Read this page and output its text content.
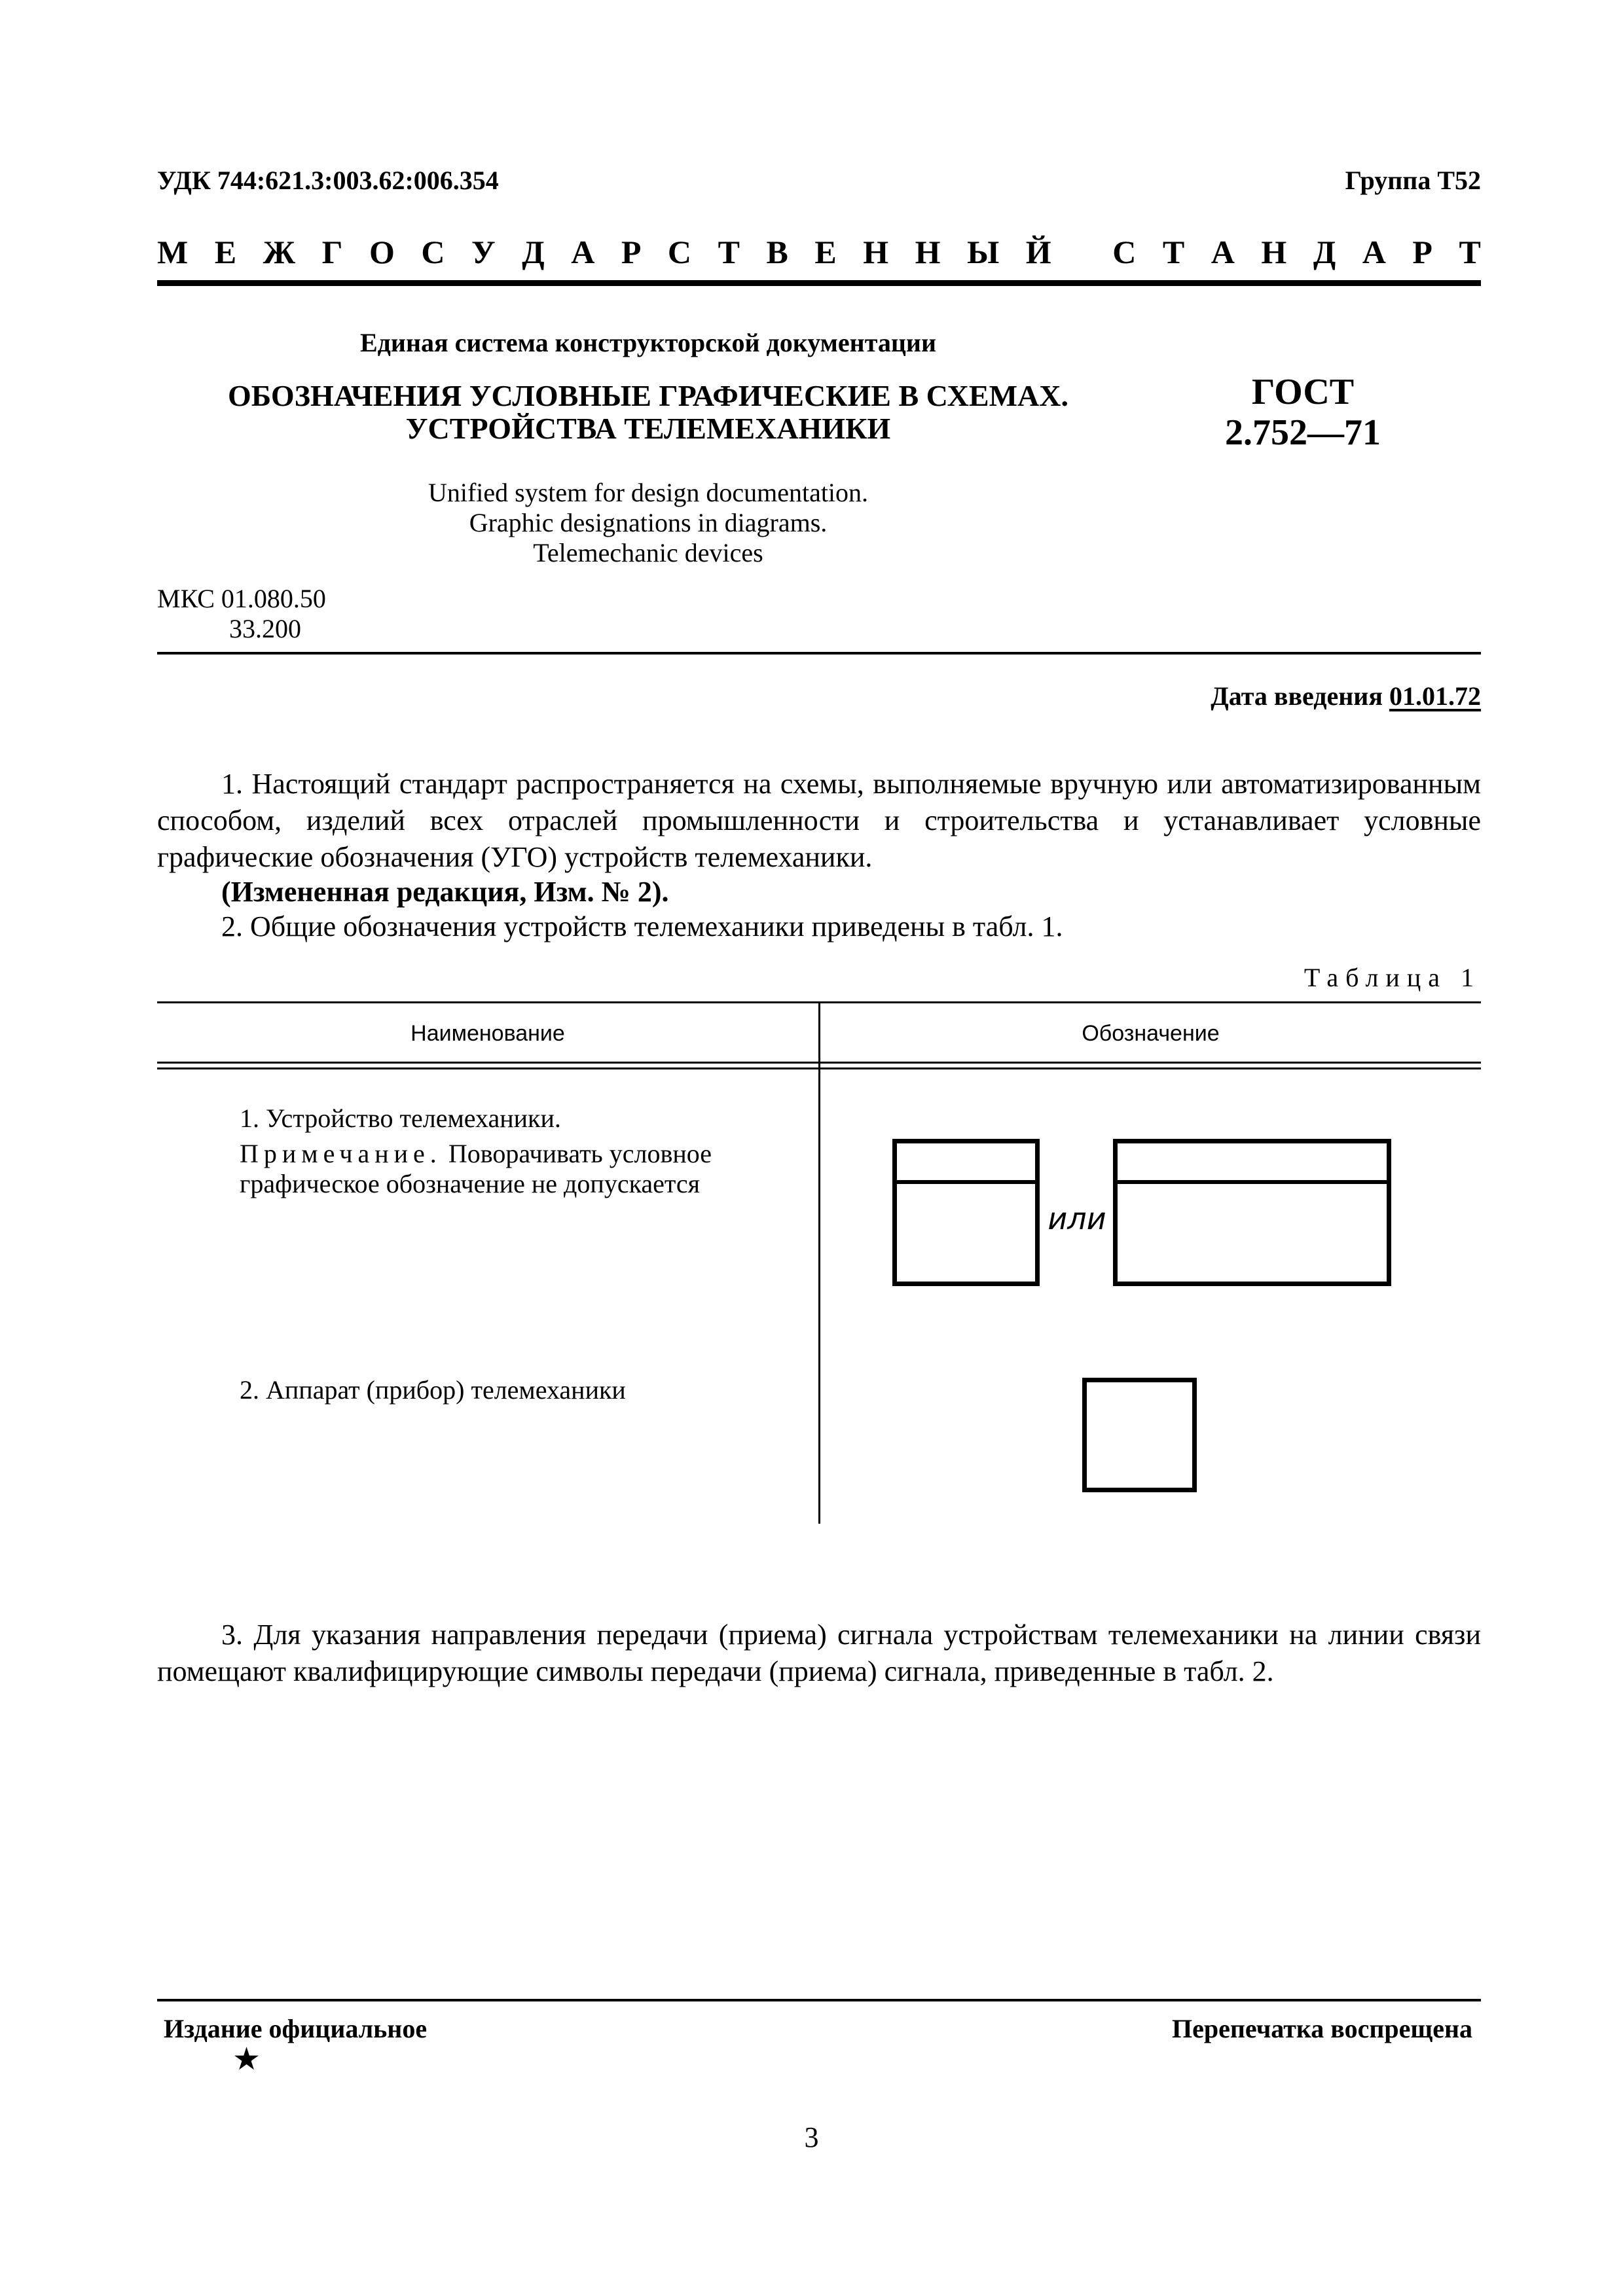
УДК 744:621.3:003.62:006.354	Группа Т52
М Е Ж Г О С У Д А Р С Т В Е Н Н Ы Й
С Т А Н Д А Р Т
Единая система конструкторской документации
ОБОЗНАЧЕНИЯ УСЛОВНЫЕ ГРАФИЧЕСКИЕ В СХЕМАХ.
УСТРОЙСТВА ТЕЛЕМЕХАНИКИ
ГОСТ
2.752—71
Unified system for design documentation.
Graphic designations in diagrams.
Telemechanic devices
МКС 01.080.50
33.200
Дата введения 01.01.72
1. Настоящий стандарт распространяется на схемы, выполняемые вручную или автоматизированным способом, изделий всех отраслей промышленности и строительства и устанавливает условные графические обозначения (УГО) устройств телемеханики.
(Измененная редакция, Изм. № 2).
2. Общие обозначения устройств телемеханики приведены в табл. 1.
Таблица 1
Наименование	Обозначение
1. Устройство телемеханики.
Примечание. Поворачивать условное графическое обозначение не допускается
или
2. Аппарат (прибор) телемеханики
3. Для указания направления передачи (приема) сигнала устройствам телемеханики на линии связи помещают квалифицирующие символы передачи (приема) сигнала, приведенные в табл. 2.
Издание официальное
★
Перепечатка воспрещена
3
